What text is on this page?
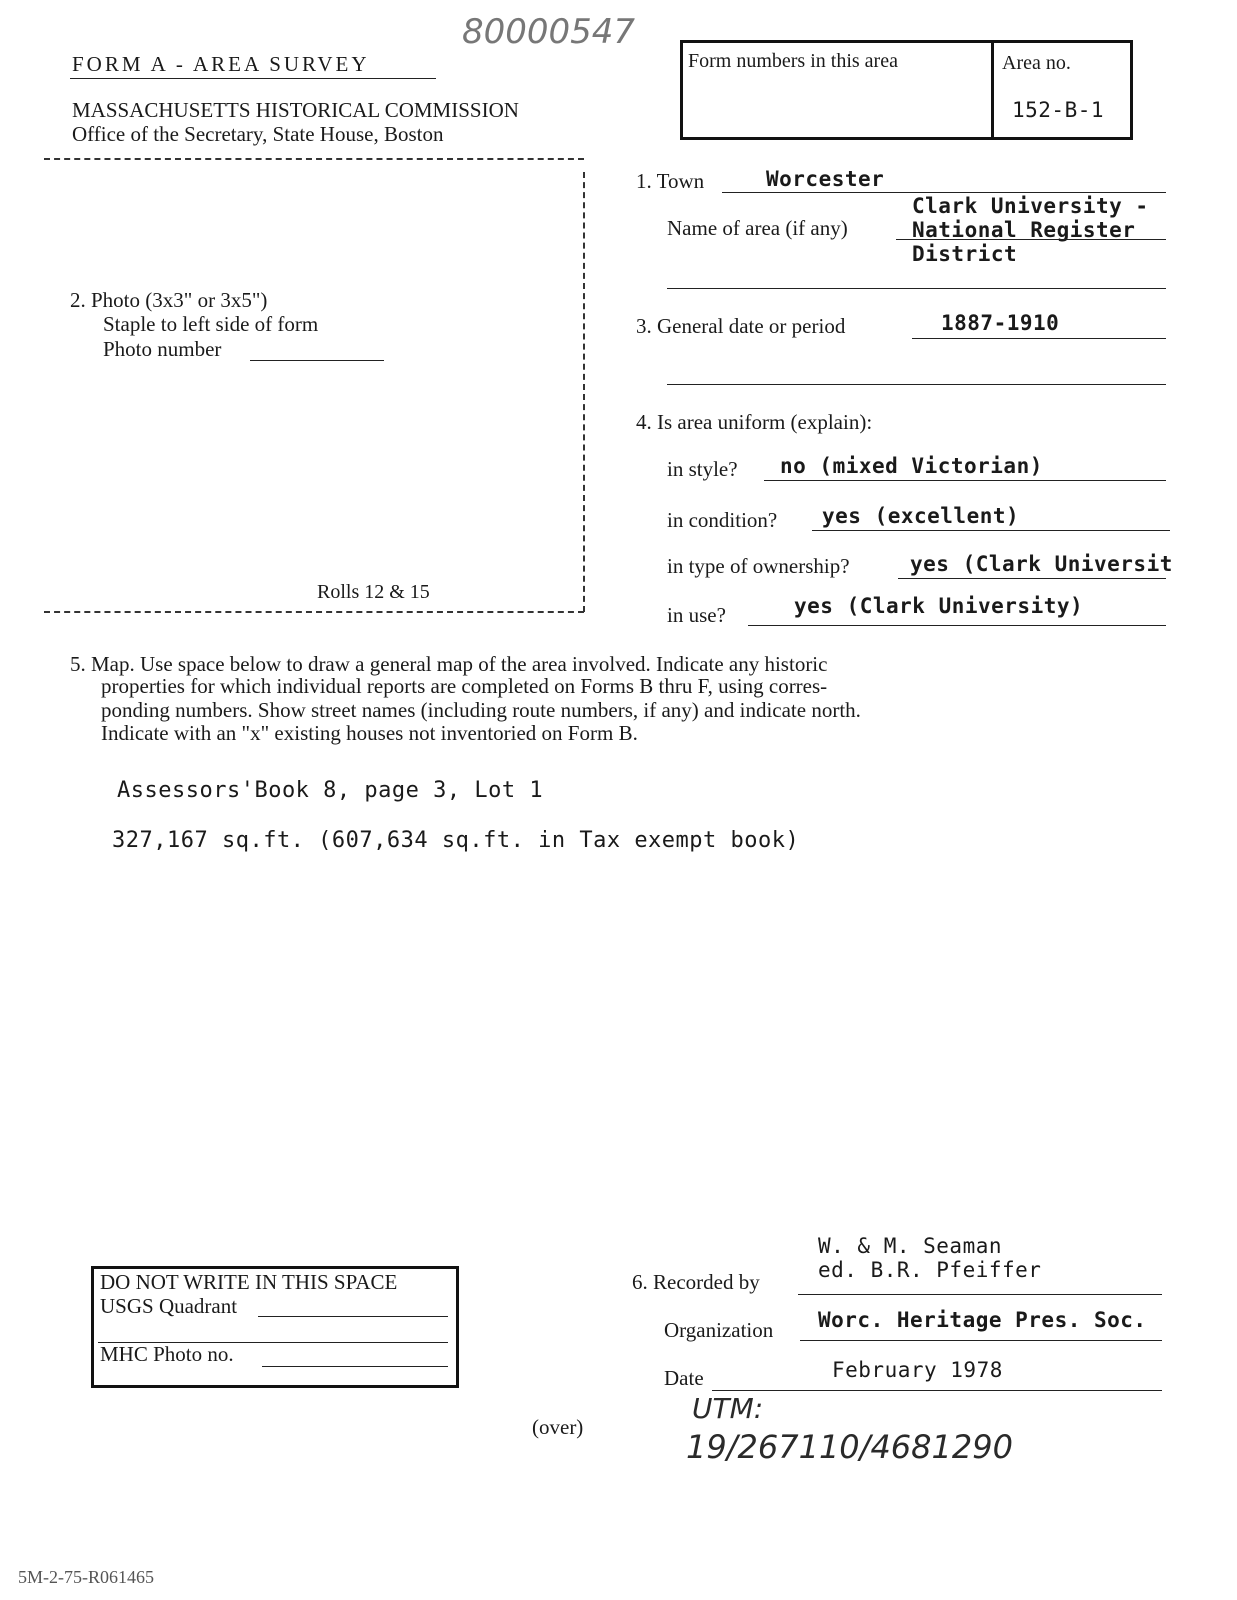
80000547
FORM A - AREA SURVEY
MASSACHUSETTS HISTORICAL COMMISSION
Office of the Secretary, State House, Boston
Form numbers in this area	Area no.
152-B-1
2. Photo (3x3" or 3x5")
Staple to left side of form
Photo number
Rolls 12 & 15
1. Town	Worcester
Name of area (if any)
Clark University -
National Register
District
3. General date or period	1887-1910
4. Is area uniform (explain):
in style? no (mixed Victorian)
in condition? yes (excellent)
in type of ownership?	yes (Clark Universit
in use?	yes (Clark University)
5. Map. Use space below to draw a general map of the area involved. Indicate any historic
properties for which individual reports are completed on Forms B thru F, using corres-
ponding numbers. Show street names (including route numbers, if any) and indicate north.
Indicate with an "x" existing houses not inventoried on Form B.
Assessors'Book 8, page 3, Lot 1
327,167 sq.ft. (607,634 sq.ft. in Tax exempt book)
DO NOT WRITE IN THIS SPACE
USGS Quadrant
MHC Photo no.
W. & M. Seaman
ed. B.R. Pfeiffer
6. Recorded by
Organization Worc. Heritage Pres. Soc.
Date	February 1978
(over)
UTM:
19/267110/4681290
5M-2-75-R061465
